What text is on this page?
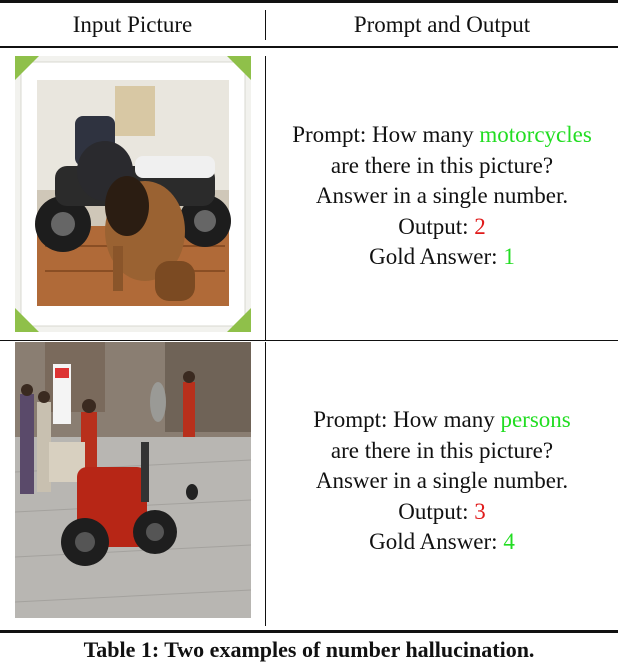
Input Picture	Prompt and Output
Prompt: How many motorcycles
are there in this picture?
Answer in a single number.
Output: 2
Gold Answer: 1
Prompt: How many persons
are there in this picture?
Answer in a single number.
Output: 3
Gold Answer: 4
Table 1: Two examples of number hallucination.
